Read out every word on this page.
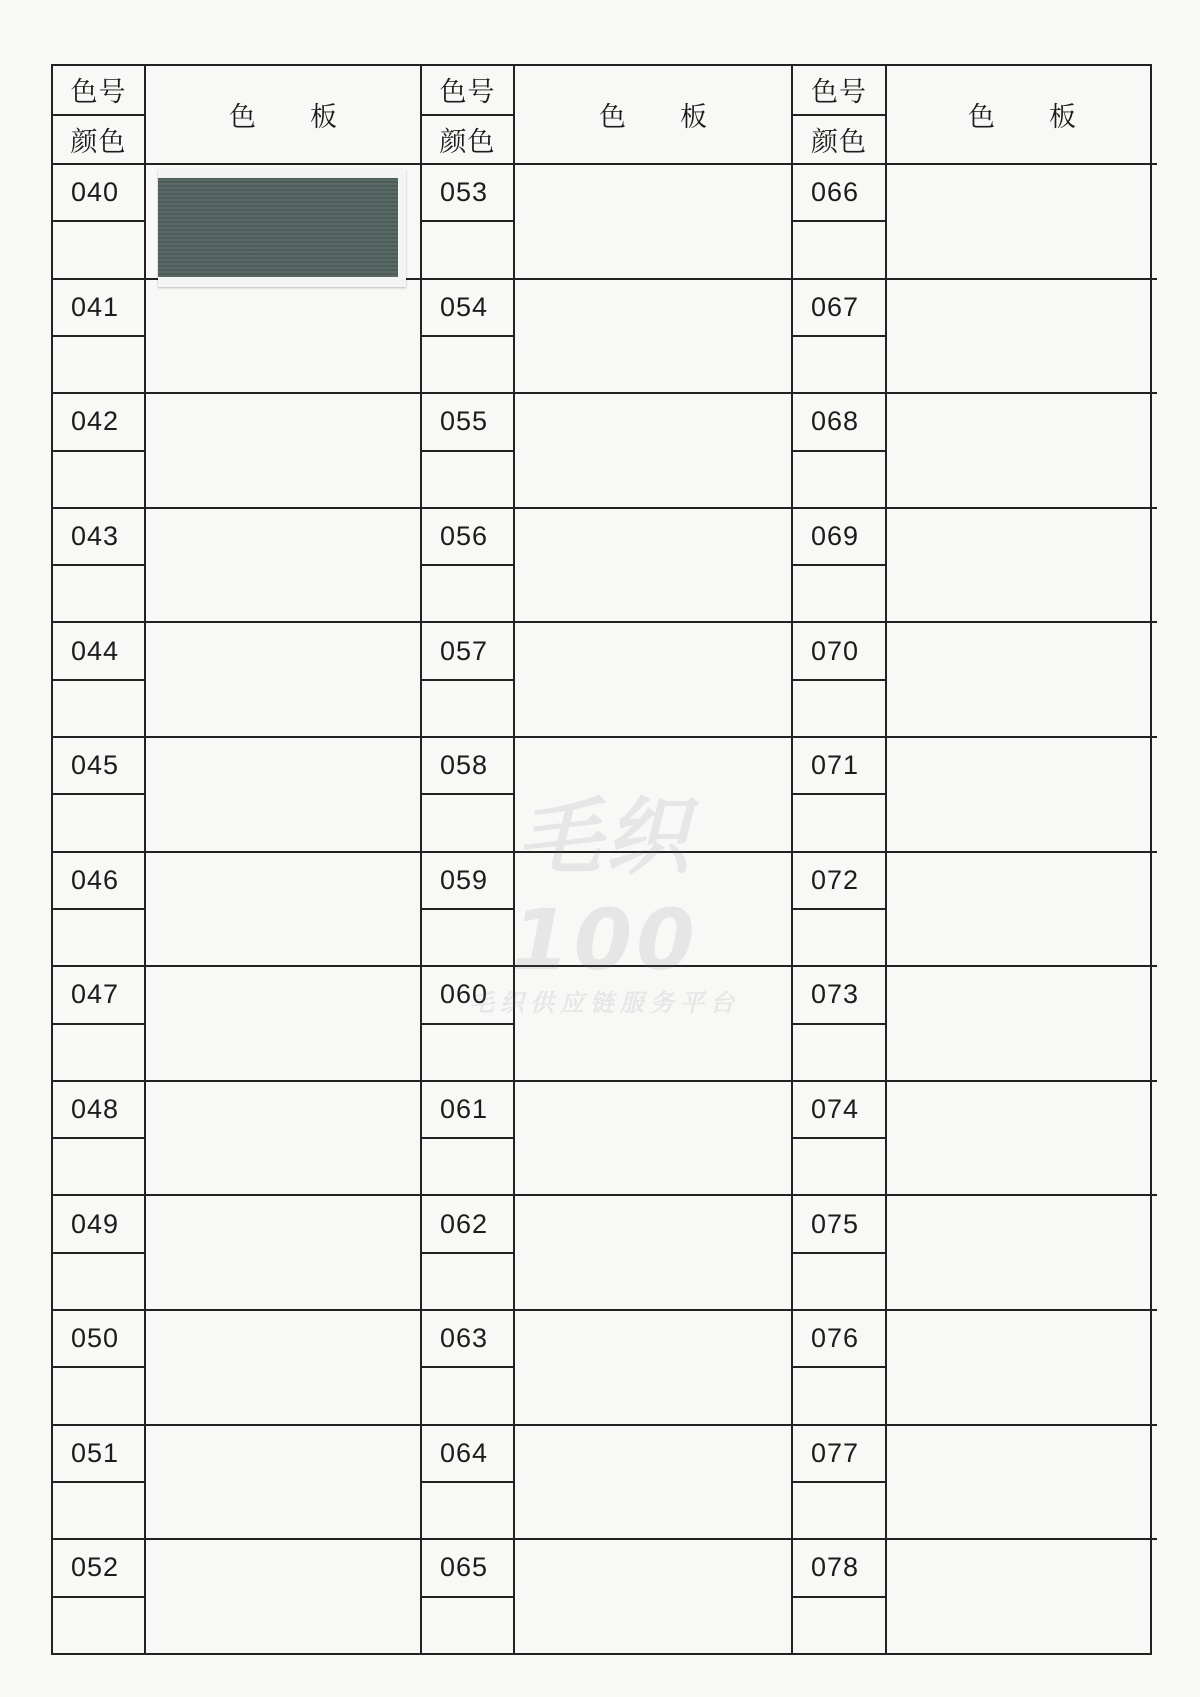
色号
颜色
040
041
042
043
044
045
046
047
048
049
050
051
052
色板
色号
颜色
053
054
055
056
057
058
059
060
061
062
063
064
065
色板
色号
颜色
066
067
068
069
070
071
072
073
074
075
076
077
078
色板
毛织100
毛织供应链服务平台
